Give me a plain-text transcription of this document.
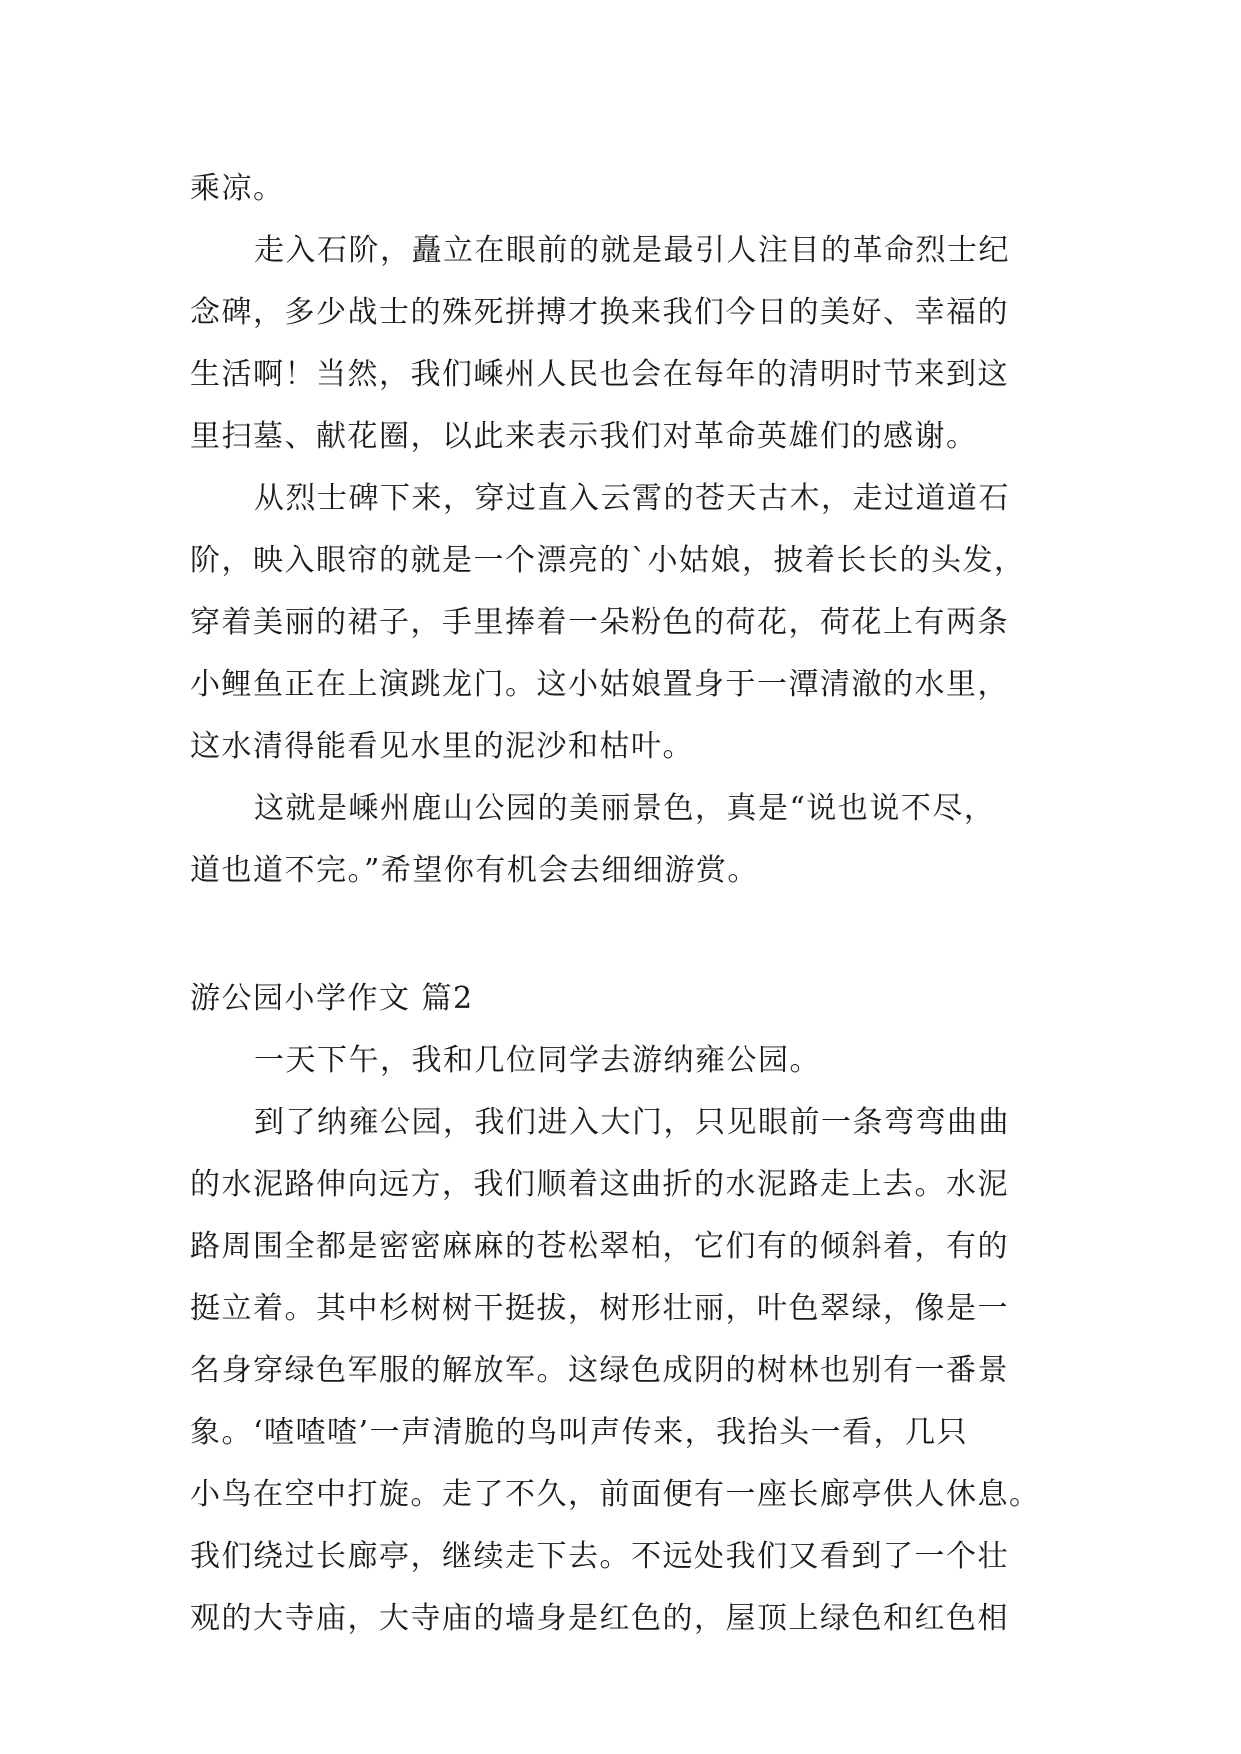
乘凉。
走入石阶，矗立在眼前的就是最引人注目的革命烈士纪
念碑，多少战士的殊死拼搏才换来我们今日的美好、幸福的
生活啊！当然，我们嵊州人民也会在每年的清明时节来到这
里扫墓、献花圈，以此来表示我们对革命英雄们的感谢。
从烈士碑下来，穿过直入云霄的苍天古木，走过道道石
阶，映入眼帘的就是一个漂亮的`小姑娘，披着长长的头发，
穿着美丽的裙子，手里捧着一朵粉色的荷花，荷花上有两条
小鲤鱼正在上演跳龙门。这小姑娘置身于一潭清澈的水里，
这水清得能看见水里的泥沙和枯叶。
这就是嵊州鹿山公园的美丽景色，真是“说也说不尽，
道也道不完。”希望你有机会去细细游赏。
游公园小学作文 篇2
一天下午，我和几位同学去游纳雍公园。
到了纳雍公园，我们进入大门，只见眼前一条弯弯曲曲
的水泥路伸向远方，我们顺着这曲折的水泥路走上去。水泥
路周围全都是密密麻麻的苍松翠柏，它们有的倾斜着，有的
挺立着。其中杉树树干挺拔，树形壮丽，叶色翠绿，像是一
名身穿绿色军服的解放军。这绿色成阴的树林也别有一番景
象。‘喳喳喳’一声清脆的鸟叫声传来，我抬头一看，几只
小鸟在空中打旋。走了不久，前面便有一座长廊亭供人休息。
我们绕过长廊亭，继续走下去。不远处我们又看到了一个壮
观的大寺庙，大寺庙的墙身是红色的，屋顶上绿色和红色相
